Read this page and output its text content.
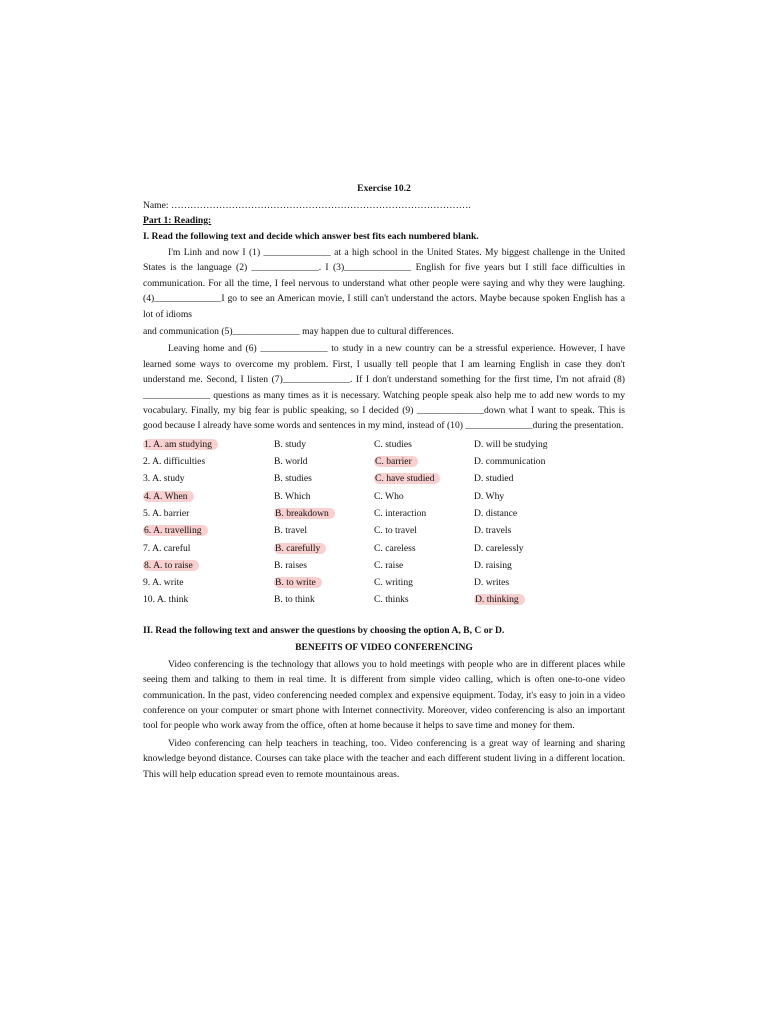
Exercise 10.2
Name: ………………………………………………………………………………….
Part 1: Reading:
I. Read the following text and decide which answer best fits each numbered blank.

I'm Linh and now I (1) ______________ at a high school in the United States. My biggest challenge in the United States is the language (2) ______________. I (3)______________ English for five years but I still face difficulties in communication. For all the time, I feel nervous to understand what other people were saying and why they were laughing. (4)______________I go to see an American movie, I still can't understand the actors. Maybe because spoken English has a lot of idioms

and communication (5)______________ may happen due to cultural differences.

Leaving home and (6) ______________ to study in a new country can be a stressful experience. However, I have learned some ways to overcome my problem. First, I usually tell people that I am learning English in case they don't understand me. Second, I listen (7)______________. If I don't understand something for the first time, I'm not afraid (8) ______________ questions as many times as it is necessary. Watching people speak also help me to add new words to my vocabulary. Finally, my big fear is public speaking, so I decided (9) ______________down what I want to speak. This is good because I already have some words and sentences in my mind, instead of (10) ______________during the presentation.

1. A. am studying	B. study	C. studies	D. will be studying
2. A. difficulties	B. world	C. barrier	D. communication
3. A. study	B. studies	C. have studied	D. studied
4. A. When	B. Which	C. Who	D. Why
5. A. barrier	B. breakdown	C. interaction	D. distance
6. A. travelling	B. travel	C. to travel	D. travels
7. A. careful	B. carefully	C. careless	D. carelessly
8. A. to raise	B. raises	C. raise	D. raising
9. A. write	B. to write	C. writing	D. writes
10. A. think	B. to think	C. thinks	D. thinking
II. Read the following text and answer the questions by choosing the option A, B, C or D.
BENEFITS OF VIDEO CONFERENCING

Video conferencing is the technology that allows you to hold meetings with people who are in different places while seeing them and talking to them in real time. It is different from simple video calling, which is often one-to-one video communication. In the past, video conferencing needed complex and expensive equipment. Today, it's easy to join in a video conference on your computer or smart phone with Internet connectivity. Moreover, video conferencing is also an important tool for people who work away from the office, often at home because it helps to save time and money for them.

Video conferencing can help teachers in teaching, too. Video conferencing is a great way of learning and sharing knowledge beyond distance. Courses can take place with the teacher and each different student living in a different location. This will help education spread even to remote mountainous areas.
